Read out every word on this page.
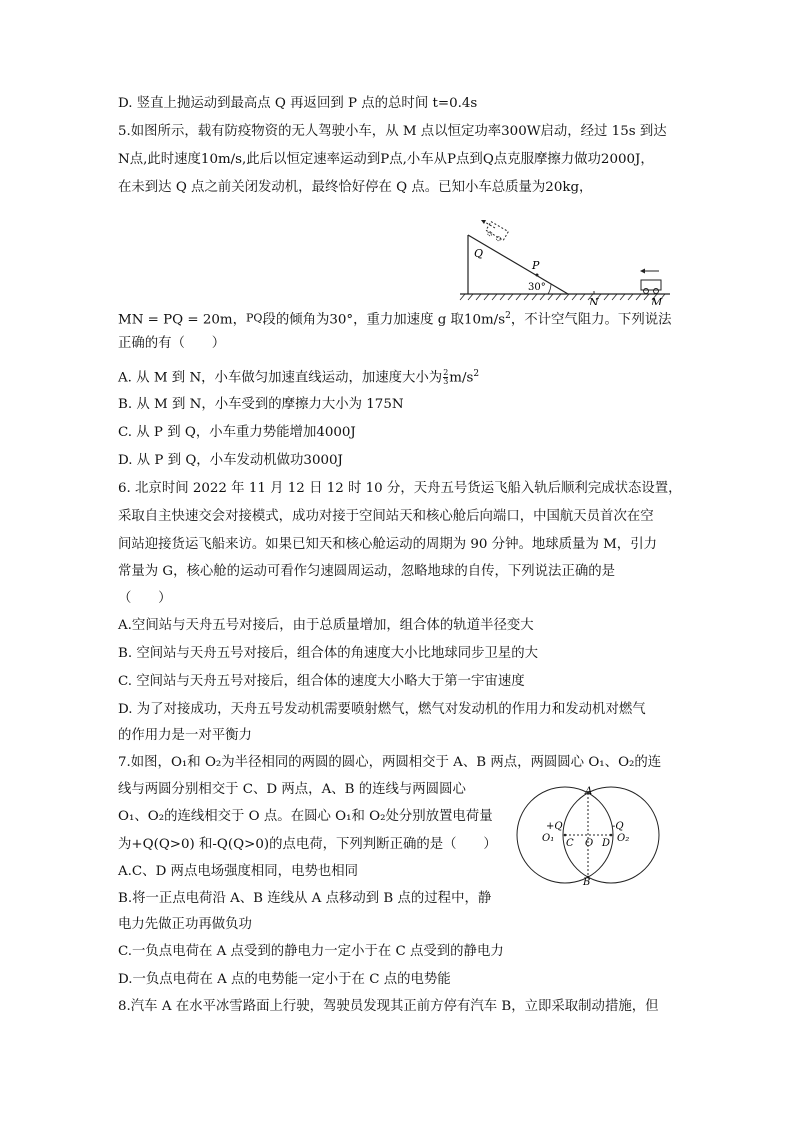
D. 竖直上抛运动到最高点 Q 再返回到 P 点的总时间 t=0.4s
5.如图所示，载有防疫物资的无人驾驶小车，从 M 点以恒定功率300W启动，经过 15s 到达
N点,此时速度10m/s,此后以恒定速率运动到P点,小车从P点到Q点克服摩擦力做功2000J，
在未到达 Q 点之前关闭发动机，最终恰好停在 Q 点。已知小车总质量为20kg，
Q
P
30°
N	M
MN = PQ = 20m，PQ段的倾角为30°，重力加速度 g 取$10m/s^2$，不计空气阻力。下列说法
正确的有（　　）
A. 从 M 到 N，小车做匀加速直线运动，加速度大小为 $\frac{2}{3} m/s^2$
B. 从 M 到 N，小车受到的摩擦力大小为 175N
C. 从 P 到 Q，小车重力势能增加4000J
D. 从 P 到 Q，小车发动机做功3000J
6. 北京时间 2022 年 11 月 12 日 12 时 10 分，天舟五号货运飞船入轨后顺利完成状态设置，
采取自主快速交会对接模式，成功对接于空间站天和核心舱后向端口，中国航天员首次在空
间站迎接货运飞船来访。如果已知天和核心舱运动的周期为 90 分钟。地球质量为 M，引力
常量为 G，核心舱的运动可看作匀速圆周运动，忽略地球的自传，下列说法正确的是
（　　）
A.空间站与天舟五号对接后，由于总质量增加，组合体的轨道半径变大
B. 空间站与天舟五号对接后，组合体的角速度大小比地球同步卫星的大
C. 空间站与天舟五号对接后，组合体的速度大小略大于第一宇宙速度
D. 为了对接成功，天舟五号发动机需要喷射燃气，燃气对发动机的作用力和发动机对燃气
的作用力是一对平衡力
7.如图，O₁和 O₂为半径相同的两圆的圆心，两圆相交于 A、B 两点，两圆圆心 O₁、O₂的连
线与两圆分别相交于 C、D 两点，A、B 的连线与两圆圆心
O₁、O₂的连线相交于 O 点。在圆心 O₁和 O₂处分别放置电荷量
为+Q(Q>0) 和-Q(Q>0)的点电荷，下列判断正确的是（　　）
A.C、D 两点电场强度相同，电势也相同
B.将一正点电荷沿 A、B 连线从 A 点移动到 B 点的过程中，静
电力先做正功再做负功
C.一负点电荷在 A 点受到的静电力一定小于在 C 点受到的静电力
D.一负点电荷在 A 点的电势能一定小于在 C 点的电势能
A
B
+Q	-Q
O₁	O₂
C O D
8.汽车 A 在水平冰雪路面上行驶，驾驶员发现其正前方停有汽车 B，立即采取制动措施，但
